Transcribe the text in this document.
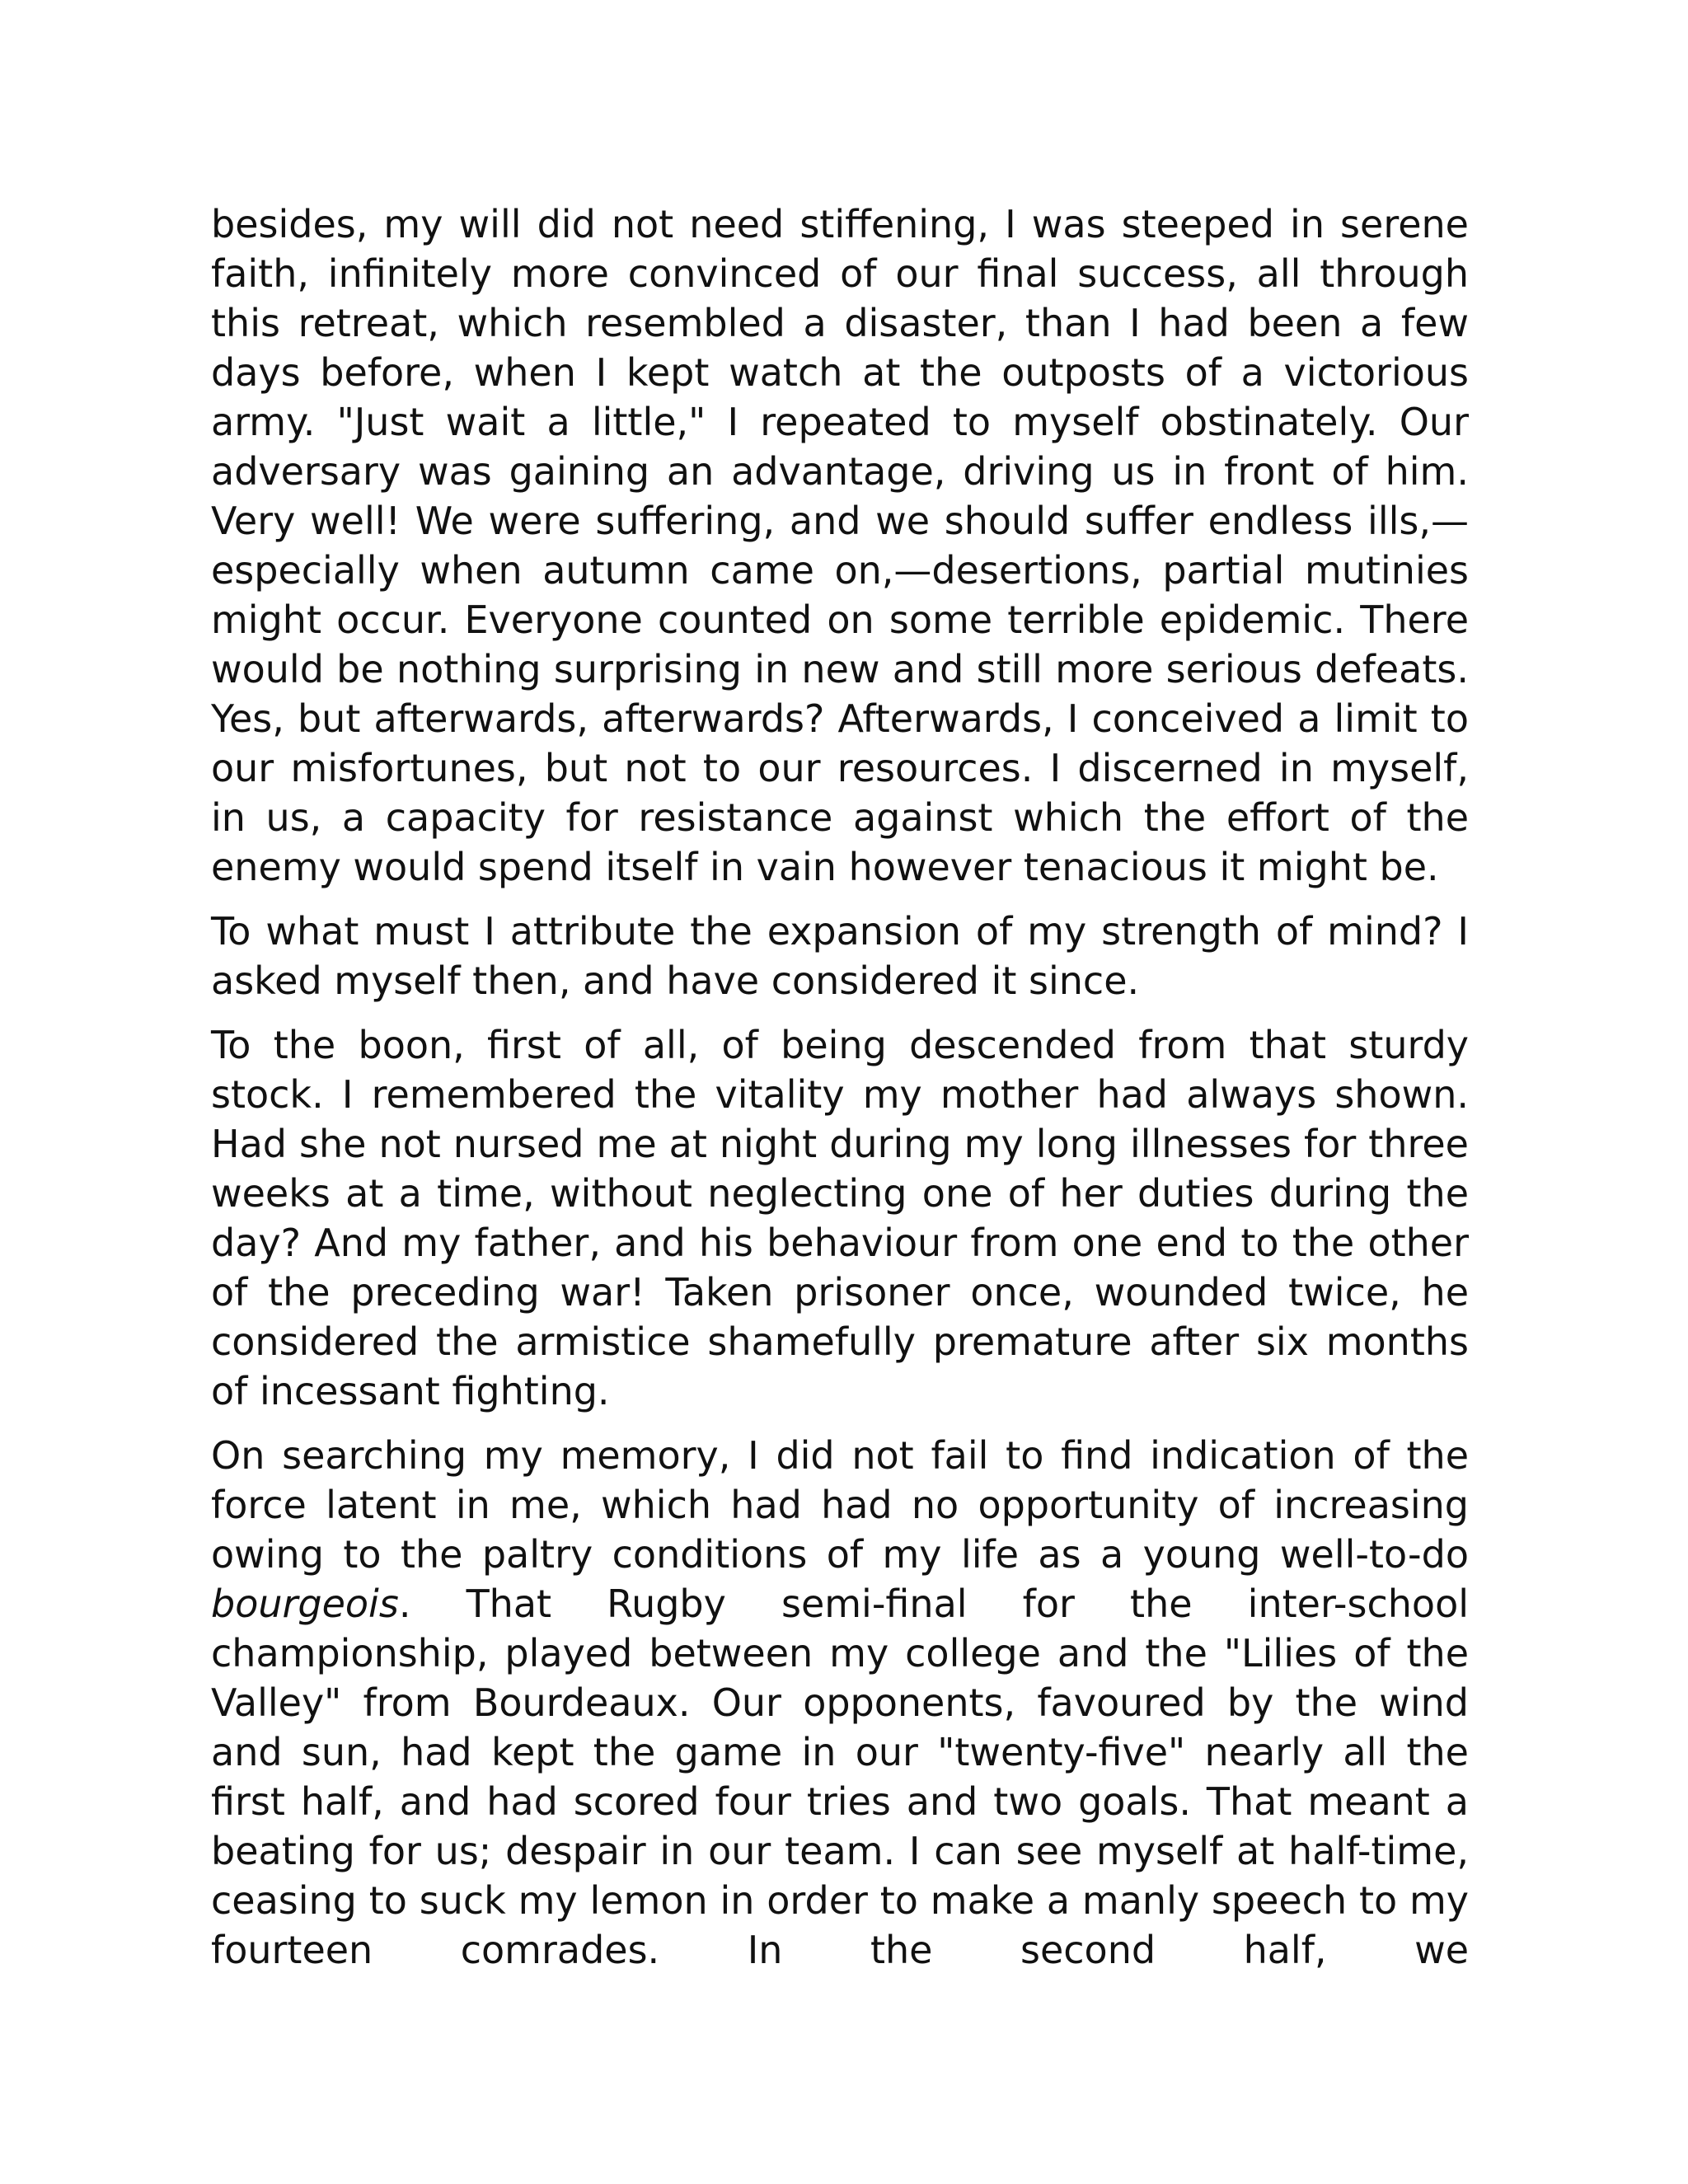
besides, my will did not need stiffening, I was steeped in serene faith, infinitely more convinced of our final success, all through this retreat, which resembled a disaster, than I had been a few days before, when I kept watch at the outposts of a victorious army. "Just wait a little," I repeated to myself obstinately. Our adversary was gaining an advantage, driving us in front of him. Very well! We were suffering, and we should suffer endless ills,—especially when autumn came on,—desertions, partial mutinies might occur. Everyone counted on some terrible epidemic. There would be nothing surprising in new and still more serious defeats. Yes, but afterwards, afterwards? Afterwards, I conceived a limit to our misfortunes, but not to our resources. I discerned in myself, in us, a capacity for resistance against which the effort of the enemy would spend itself in vain however tenacious it might be.

To what must I attribute the expansion of my strength of mind? I asked myself then, and have considered it since.

To the boon, first of all, of being descended from that sturdy stock. I remembered the vitality my mother had always shown. Had she not nursed me at night during my long illnesses for three weeks at a time, without neglecting one of her duties during the day? And my father, and his behaviour from one end to the other of the preceding war! Taken prisoner once, wounded twice, he considered the armistice shamefully premature after six months of incessant fighting.

On searching my memory, I did not fail to find indication of the force latent in me, which had had no opportunity of increasing owing to the paltry conditions of my life as a young well-to-do bourgeois. That Rugby semi-final for the inter-school championship, played between my college and the "Lilies of the Valley" from Bourdeaux. Our opponents, favoured by the wind and sun, had kept the game in our "twenty-five" nearly all the first half, and had scored four tries and two goals. That meant a beating for us; despair in our team. I can see myself at half-time, ceasing to suck my lemon in order to make a manly speech to my fourteen comrades. In the second half, we
